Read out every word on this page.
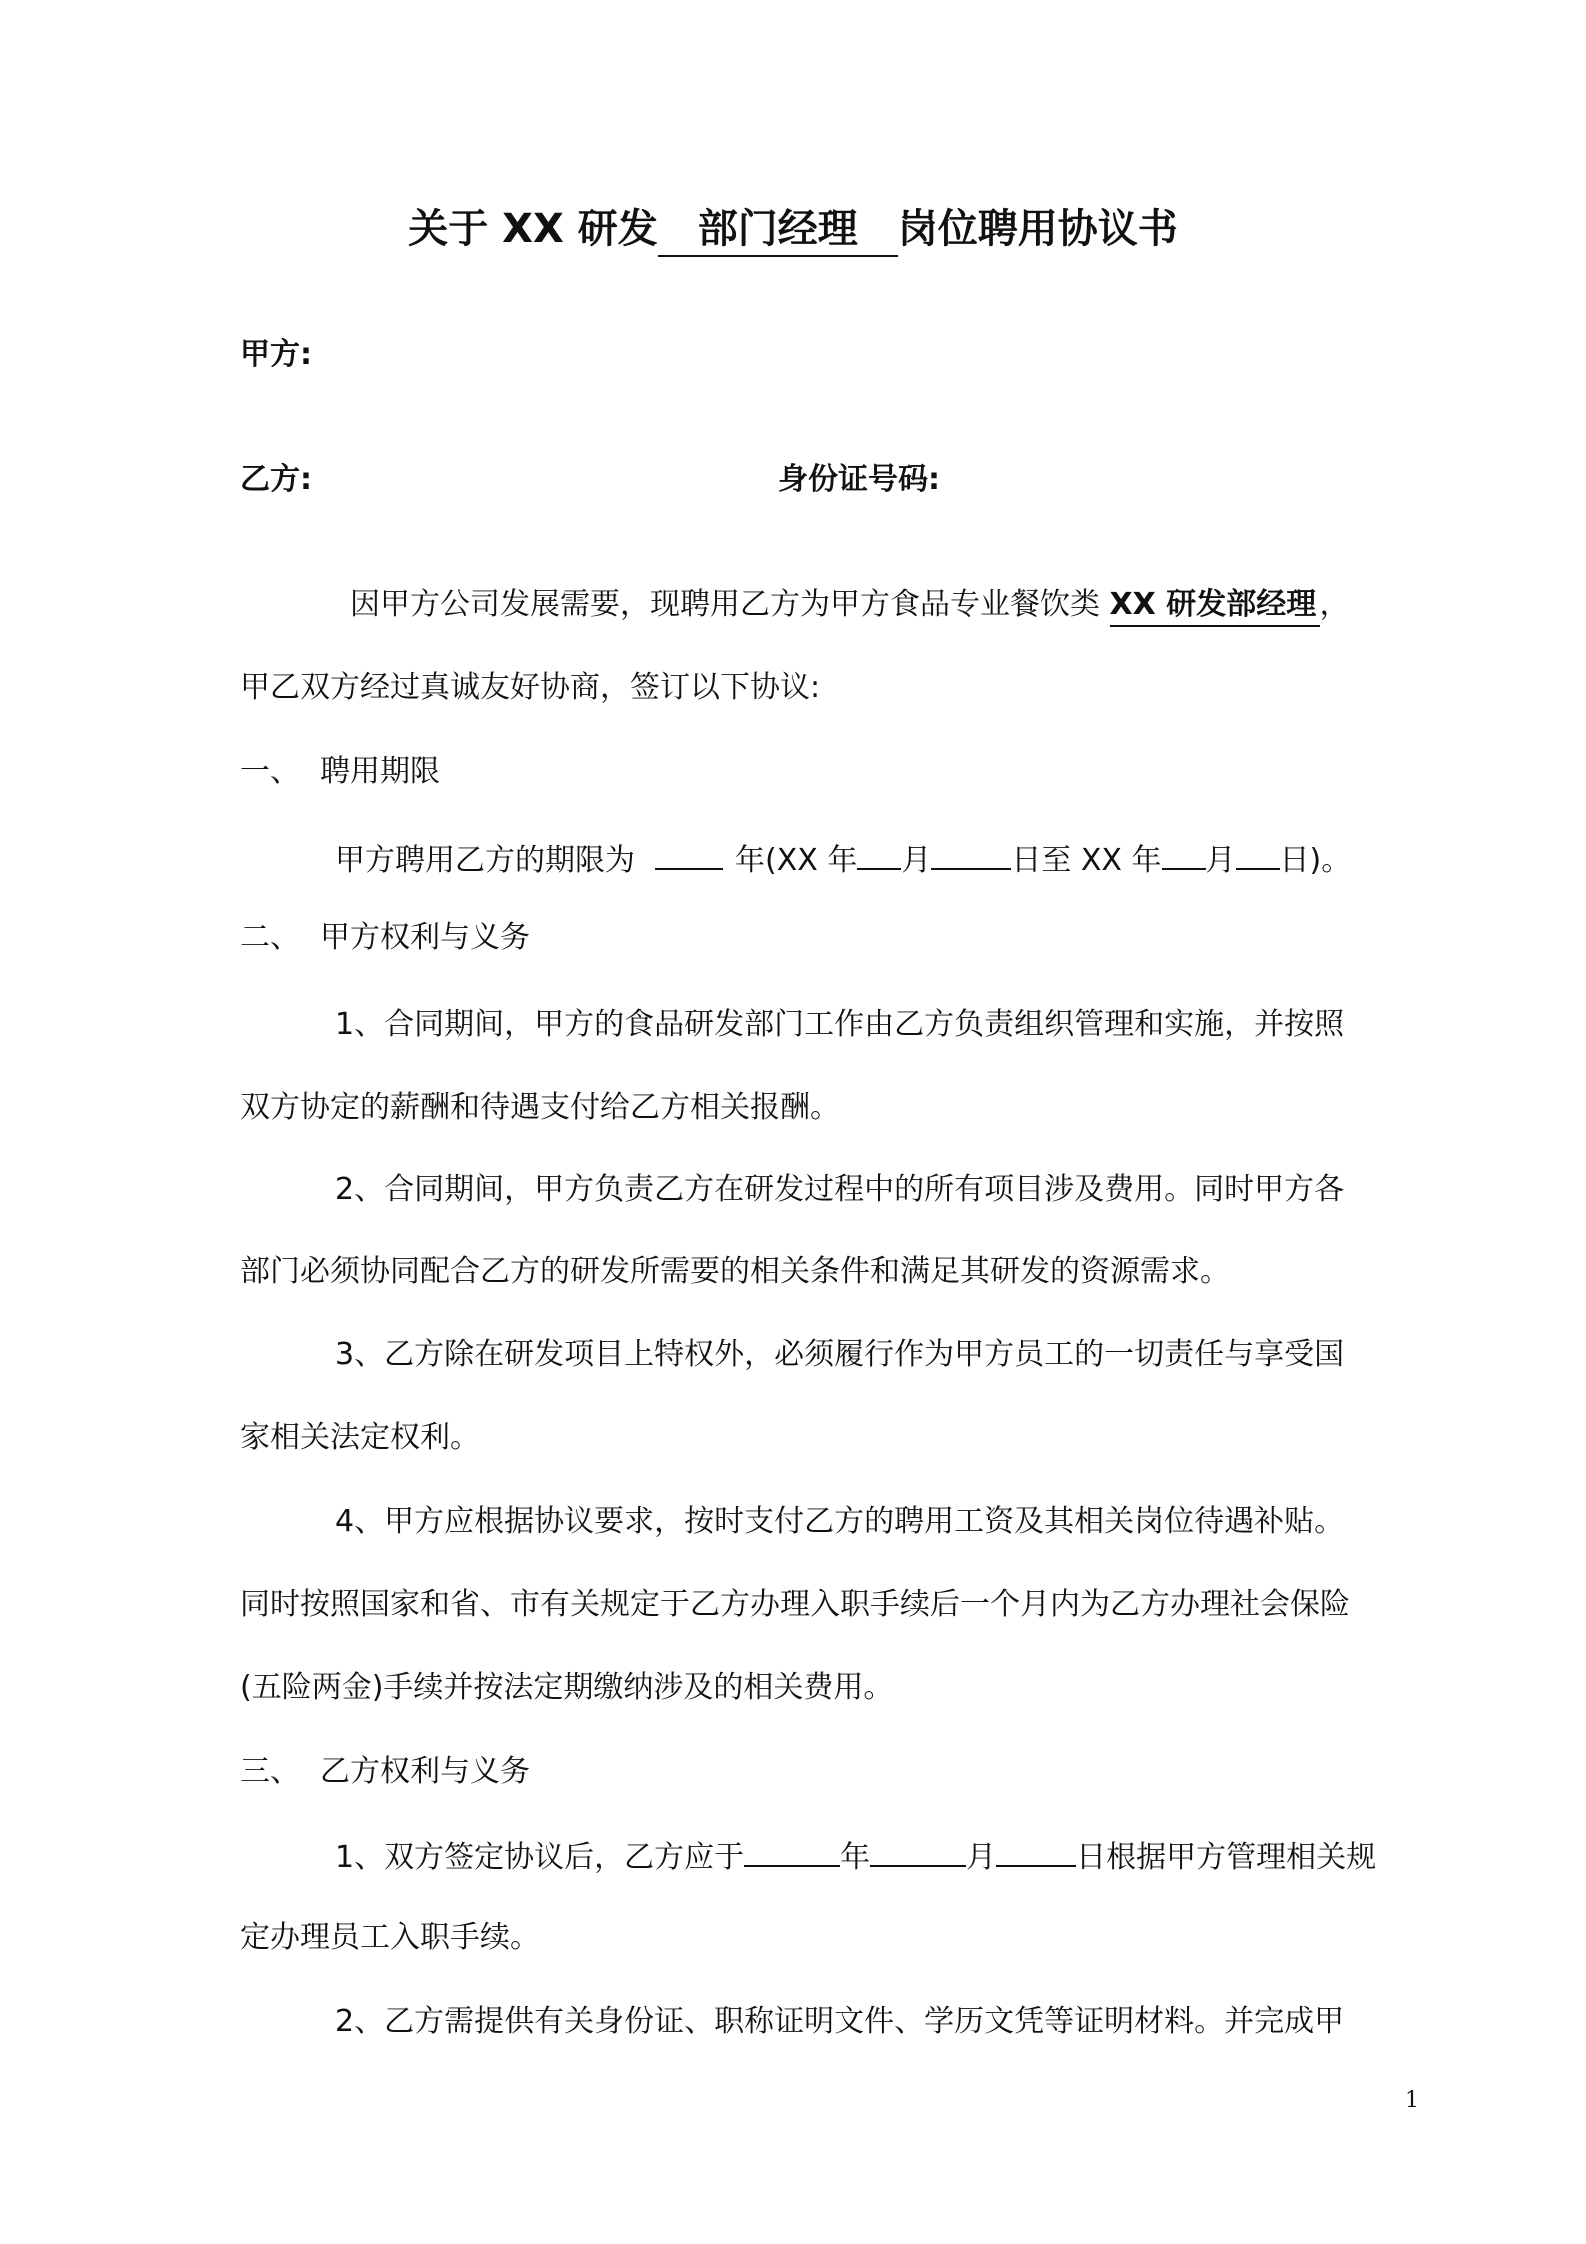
关于 XX 研发 部门经理 岗位聘用协议书
甲方:
乙方:	身份证号码:
因甲方公司发展需要，现聘用乙方为甲方食品专业餐饮类 XX 研发部经理 ，
甲乙双方经过真诚友好协商，签订以下协议:
一、 聘用期限
甲方聘用乙方的期限为	年(XX 年 月	日至 XX 年 月 日)。
二、 甲方权利与义务
1、合同期间，甲方的食品研发部门工作由乙方负责组织管理和实施，并按照
双方协定的薪酬和待遇支付给乙方相关报酬。
2、合同期间，甲方负责乙方在研发过程中的所有项目涉及费用。同时甲方各
部门必须协同配合乙方的研发所需要的相关条件和满足其研发的资源需求。
3、乙方除在研发项目上特权外，必须履行作为甲方员工的一切责任与享受国
家相关法定权利。
4、甲方应根据协议要求，按时支付乙方的聘用工资及其相关岗位待遇补贴。
同时按照国家和省、市有关规定于乙方办理入职手续后一个月内为乙方办理社会保险
(五险两金)手续并按法定期缴纳涉及的相关费用。
三、 乙方权利与义务
1、双方签定协议后，乙方应于	年	月	日根据甲方管理相关规
定办理员工入职手续。
2、乙方需提供有关身份证、职称证明文件、学历文凭等证明材料。并完成甲
1
